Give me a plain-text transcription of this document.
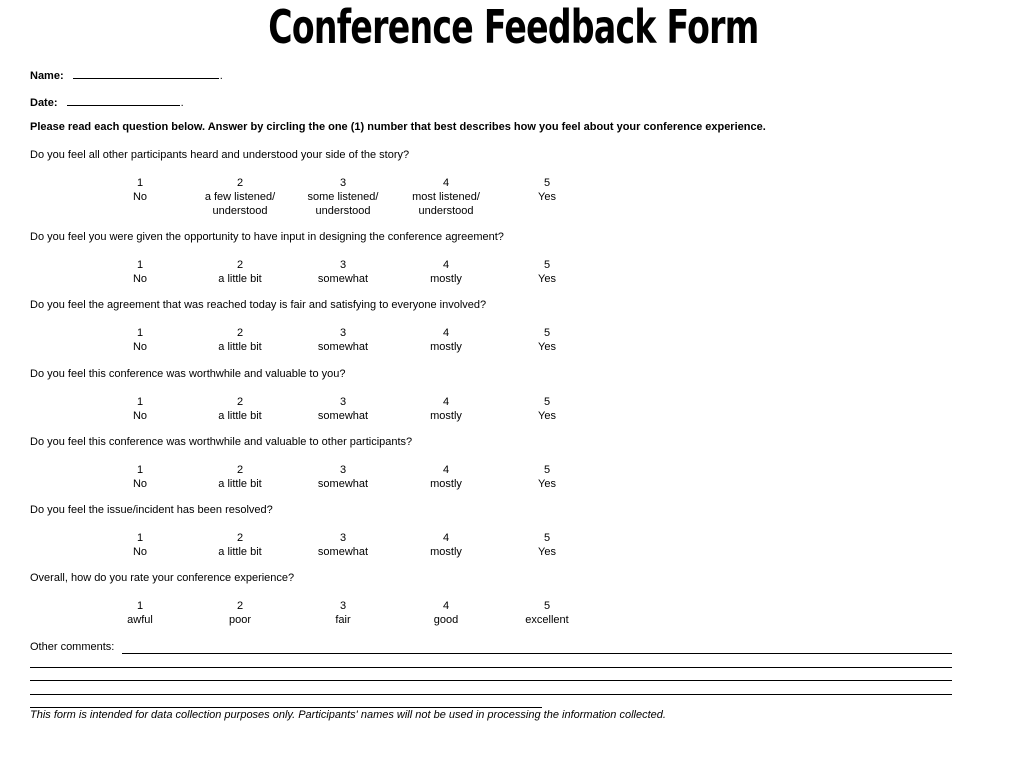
Conference Feedback Form
Name:	.
Date:	.
Please read each question below. Answer by circling the one (1) number that best describes how you feel about your conference experience.
Do you feel all other participants heard and understood your side of the story?
1
No
2
a few listened/
understood
3
some listened/
understood
4
most listened/
understood
5
Yes
Do you feel you were given the opportunity to have input in designing the conference agreement?
1
No
2
a little bit
3
somewhat
4
mostly
5
Yes
Do you feel the agreement that was reached today is fair and satisfying to everyone involved?
1
No
2
a little bit
3
somewhat
4
mostly
5
Yes
Do you feel this conference was worthwhile and valuable to you?
1
No
2
a little bit
3
somewhat
4
mostly
5
Yes
Do you feel this conference was worthwhile and valuable to other participants?
1
No
2
a little bit
3
somewhat
4
mostly
5
Yes
Do you feel the issue/incident has been resolved?
1
No
2
a little bit
3
somewhat
4
mostly
5
Yes
Overall, how do you rate your conference experience?
1
awful
2
poor
3
fair
4
good
5
excellent
Other comments:
This form is intended for data collection purposes only. Participants' names will not be used in processing the information collected.
